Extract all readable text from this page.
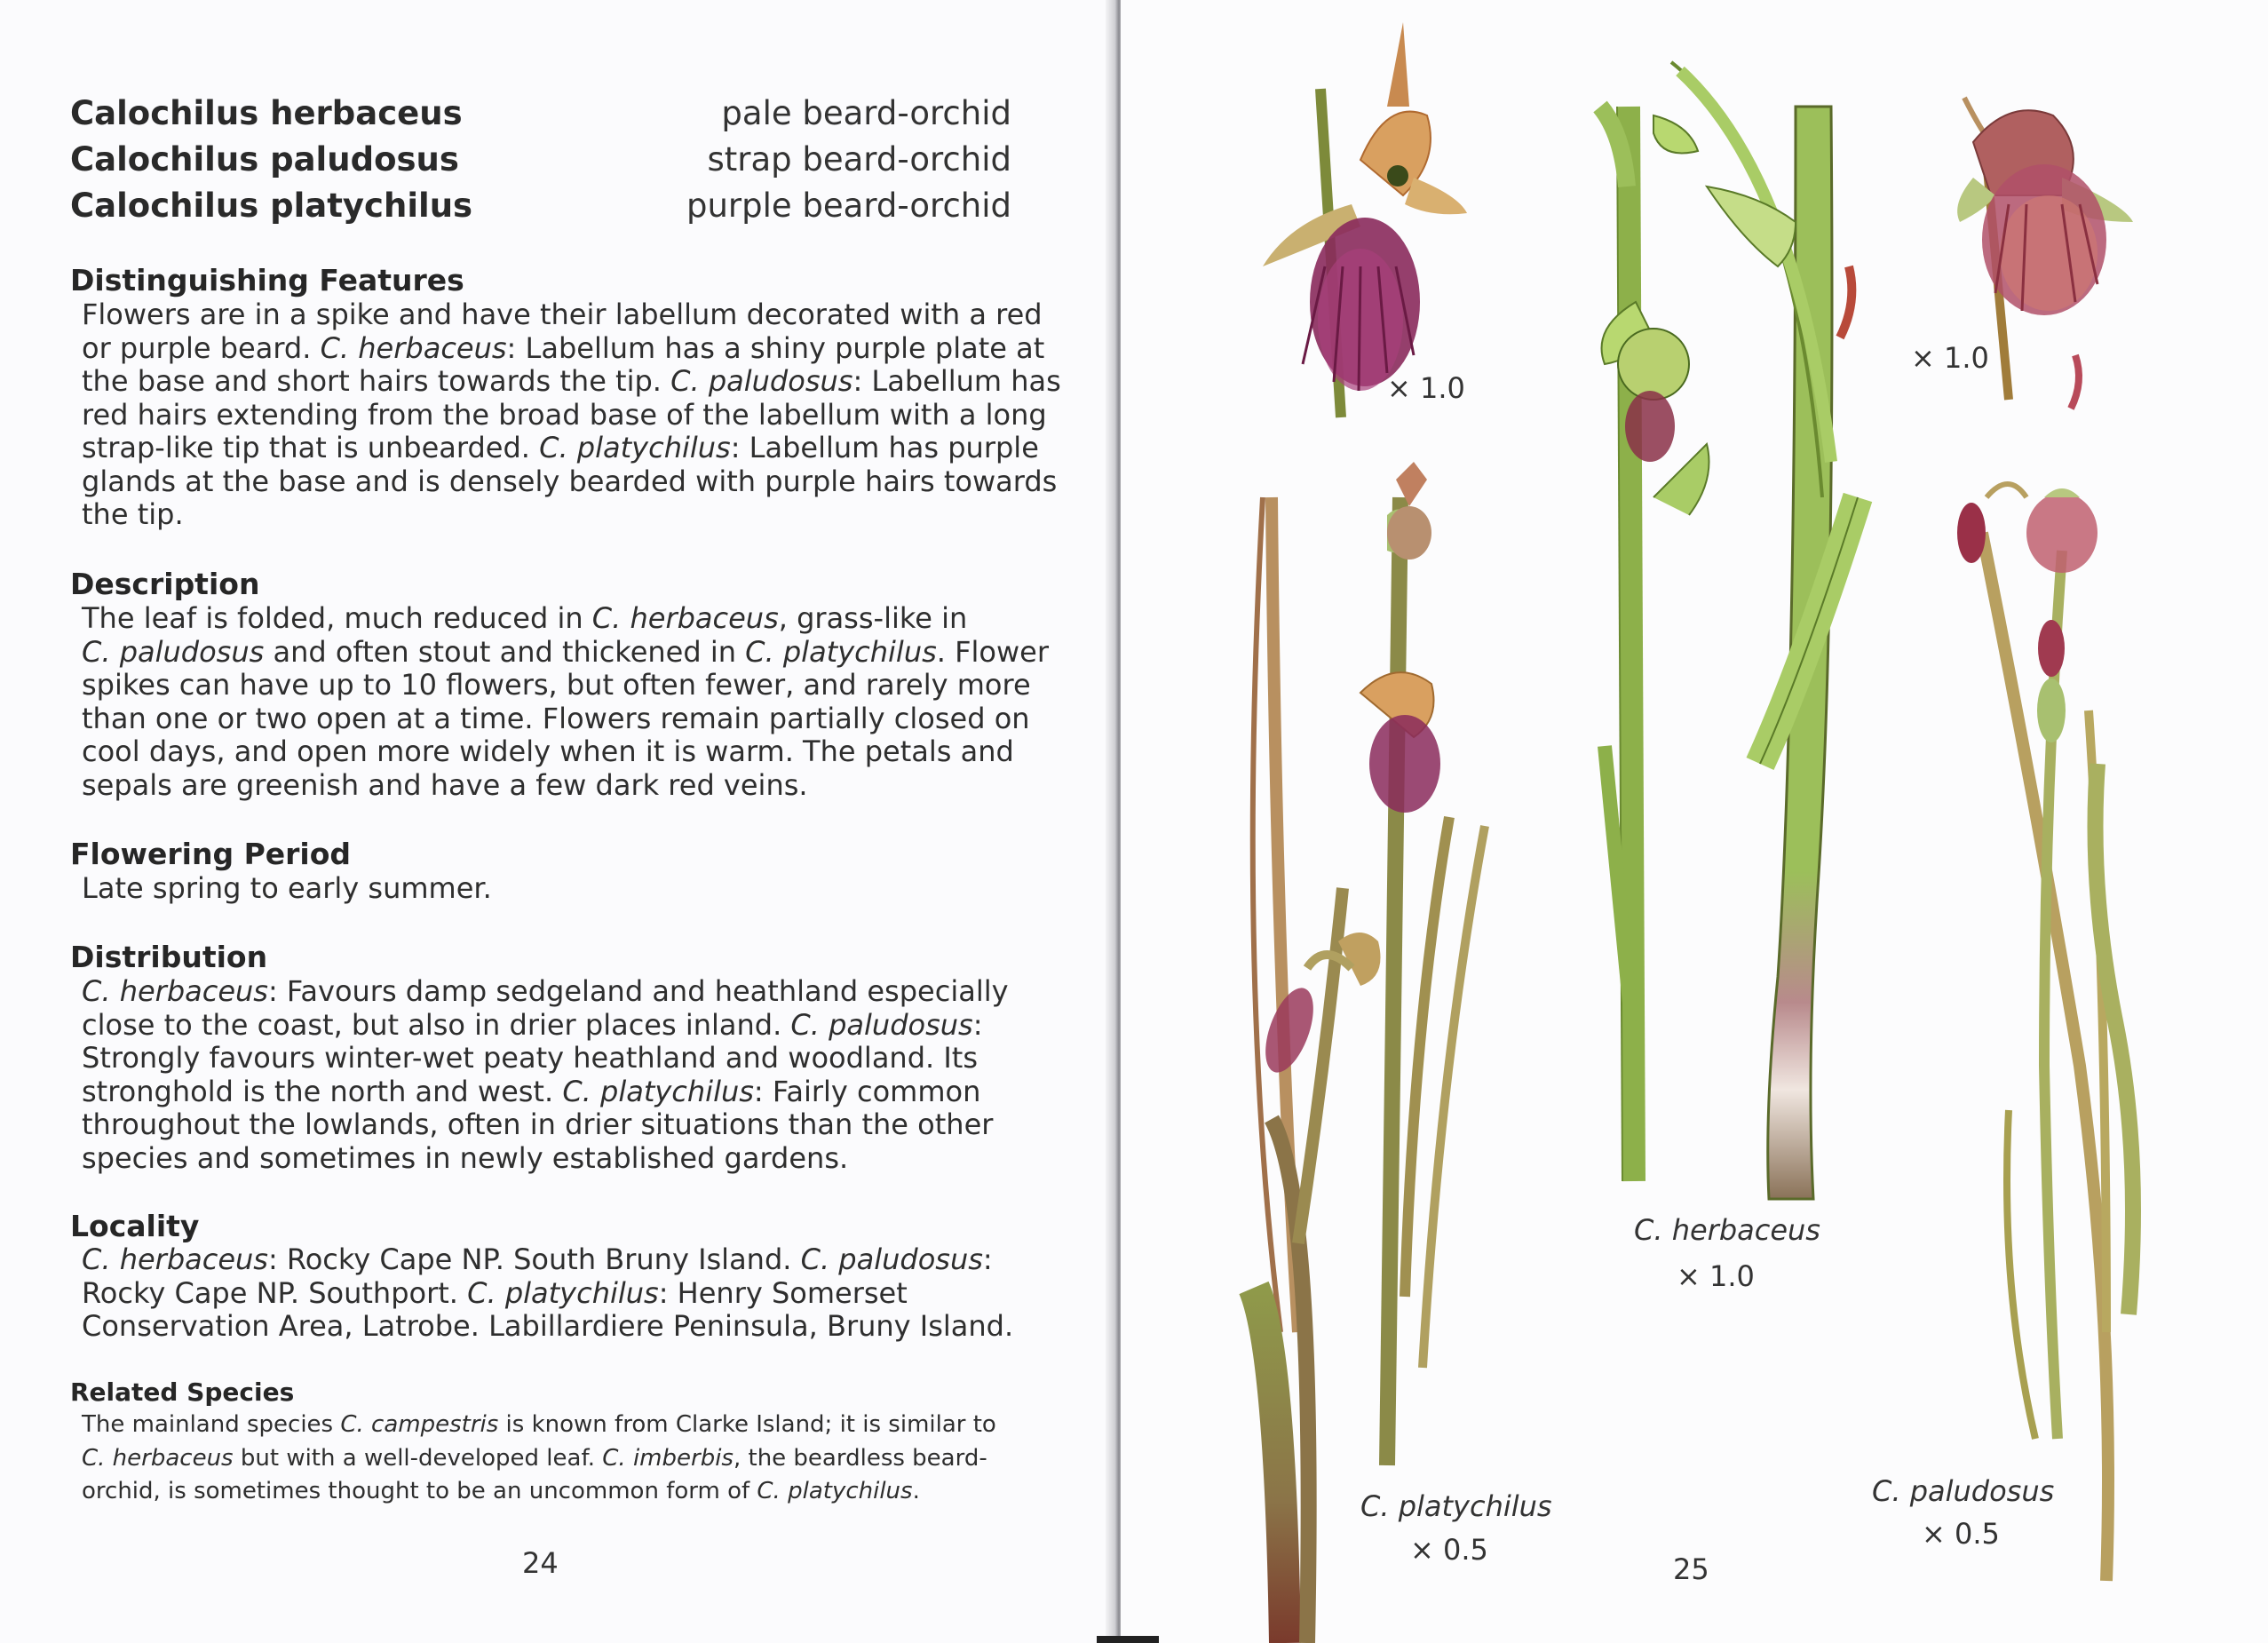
Calochilus herbaceus	pale beard-orchid
Calochilus paludosus	strap beard-orchid
Calochilus platychilus	purple beard-orchid
Distinguishing Features

Flowers are in a spike and have their labellum decorated with a red

or purple beard. C. herbaceus: Labellum has a shiny purple plate at

the base and short hairs towards the tip. C. paludosus: Labellum has

red hairs extending from the broad base of the labellum with a long

strap-like tip that is unbearded. C. platychilus: Labellum has purple

glands at the base and is densely bearded with purple hairs towards

the tip.

Description

The leaf is folded, much reduced in C. herbaceus, grass-like in

C. paludosus and often stout and thickened in C. platychilus. Flower

spikes can have up to 10 flowers, but often fewer, and rarely more

than one or two open at a time. Flowers remain partially closed on

cool days, and open more widely when it is warm. The petals and

sepals are greenish and have a few dark red veins.

Flowering Period

Late spring to early summer.

Distribution

C. herbaceus: Favours damp sedgeland and heathland especially

close to the coast, but also in drier places inland. C. paludosus:

Strongly favours winter-wet peaty heathland and woodland. Its

stronghold is the north and west. C. platychilus: Fairly common

throughout the lowlands, often in drier situations than the other

species and sometimes in newly established gardens.

Locality

C. herbaceus: Rocky Cape NP. South Bruny Island. C. paludosus:

Rocky Cape NP. Southport. C. platychilus: Henry Somerset

Conservation Area, Latrobe. Labillardiere Peninsula, Bruny Island.

Related Species

The mainland species C. campestris is known from Clarke Island; it is similar to

C. herbaceus but with a well-developed leaf. C. imberbis, the beardless beard-

orchid, is sometimes thought to be an uncommon form of C. platychilus.

24
× 1.0
× 1.0
C. herbaceus
× 1.0
C. platychilus
× 0.5
C. paludosus
× 0.5
25
